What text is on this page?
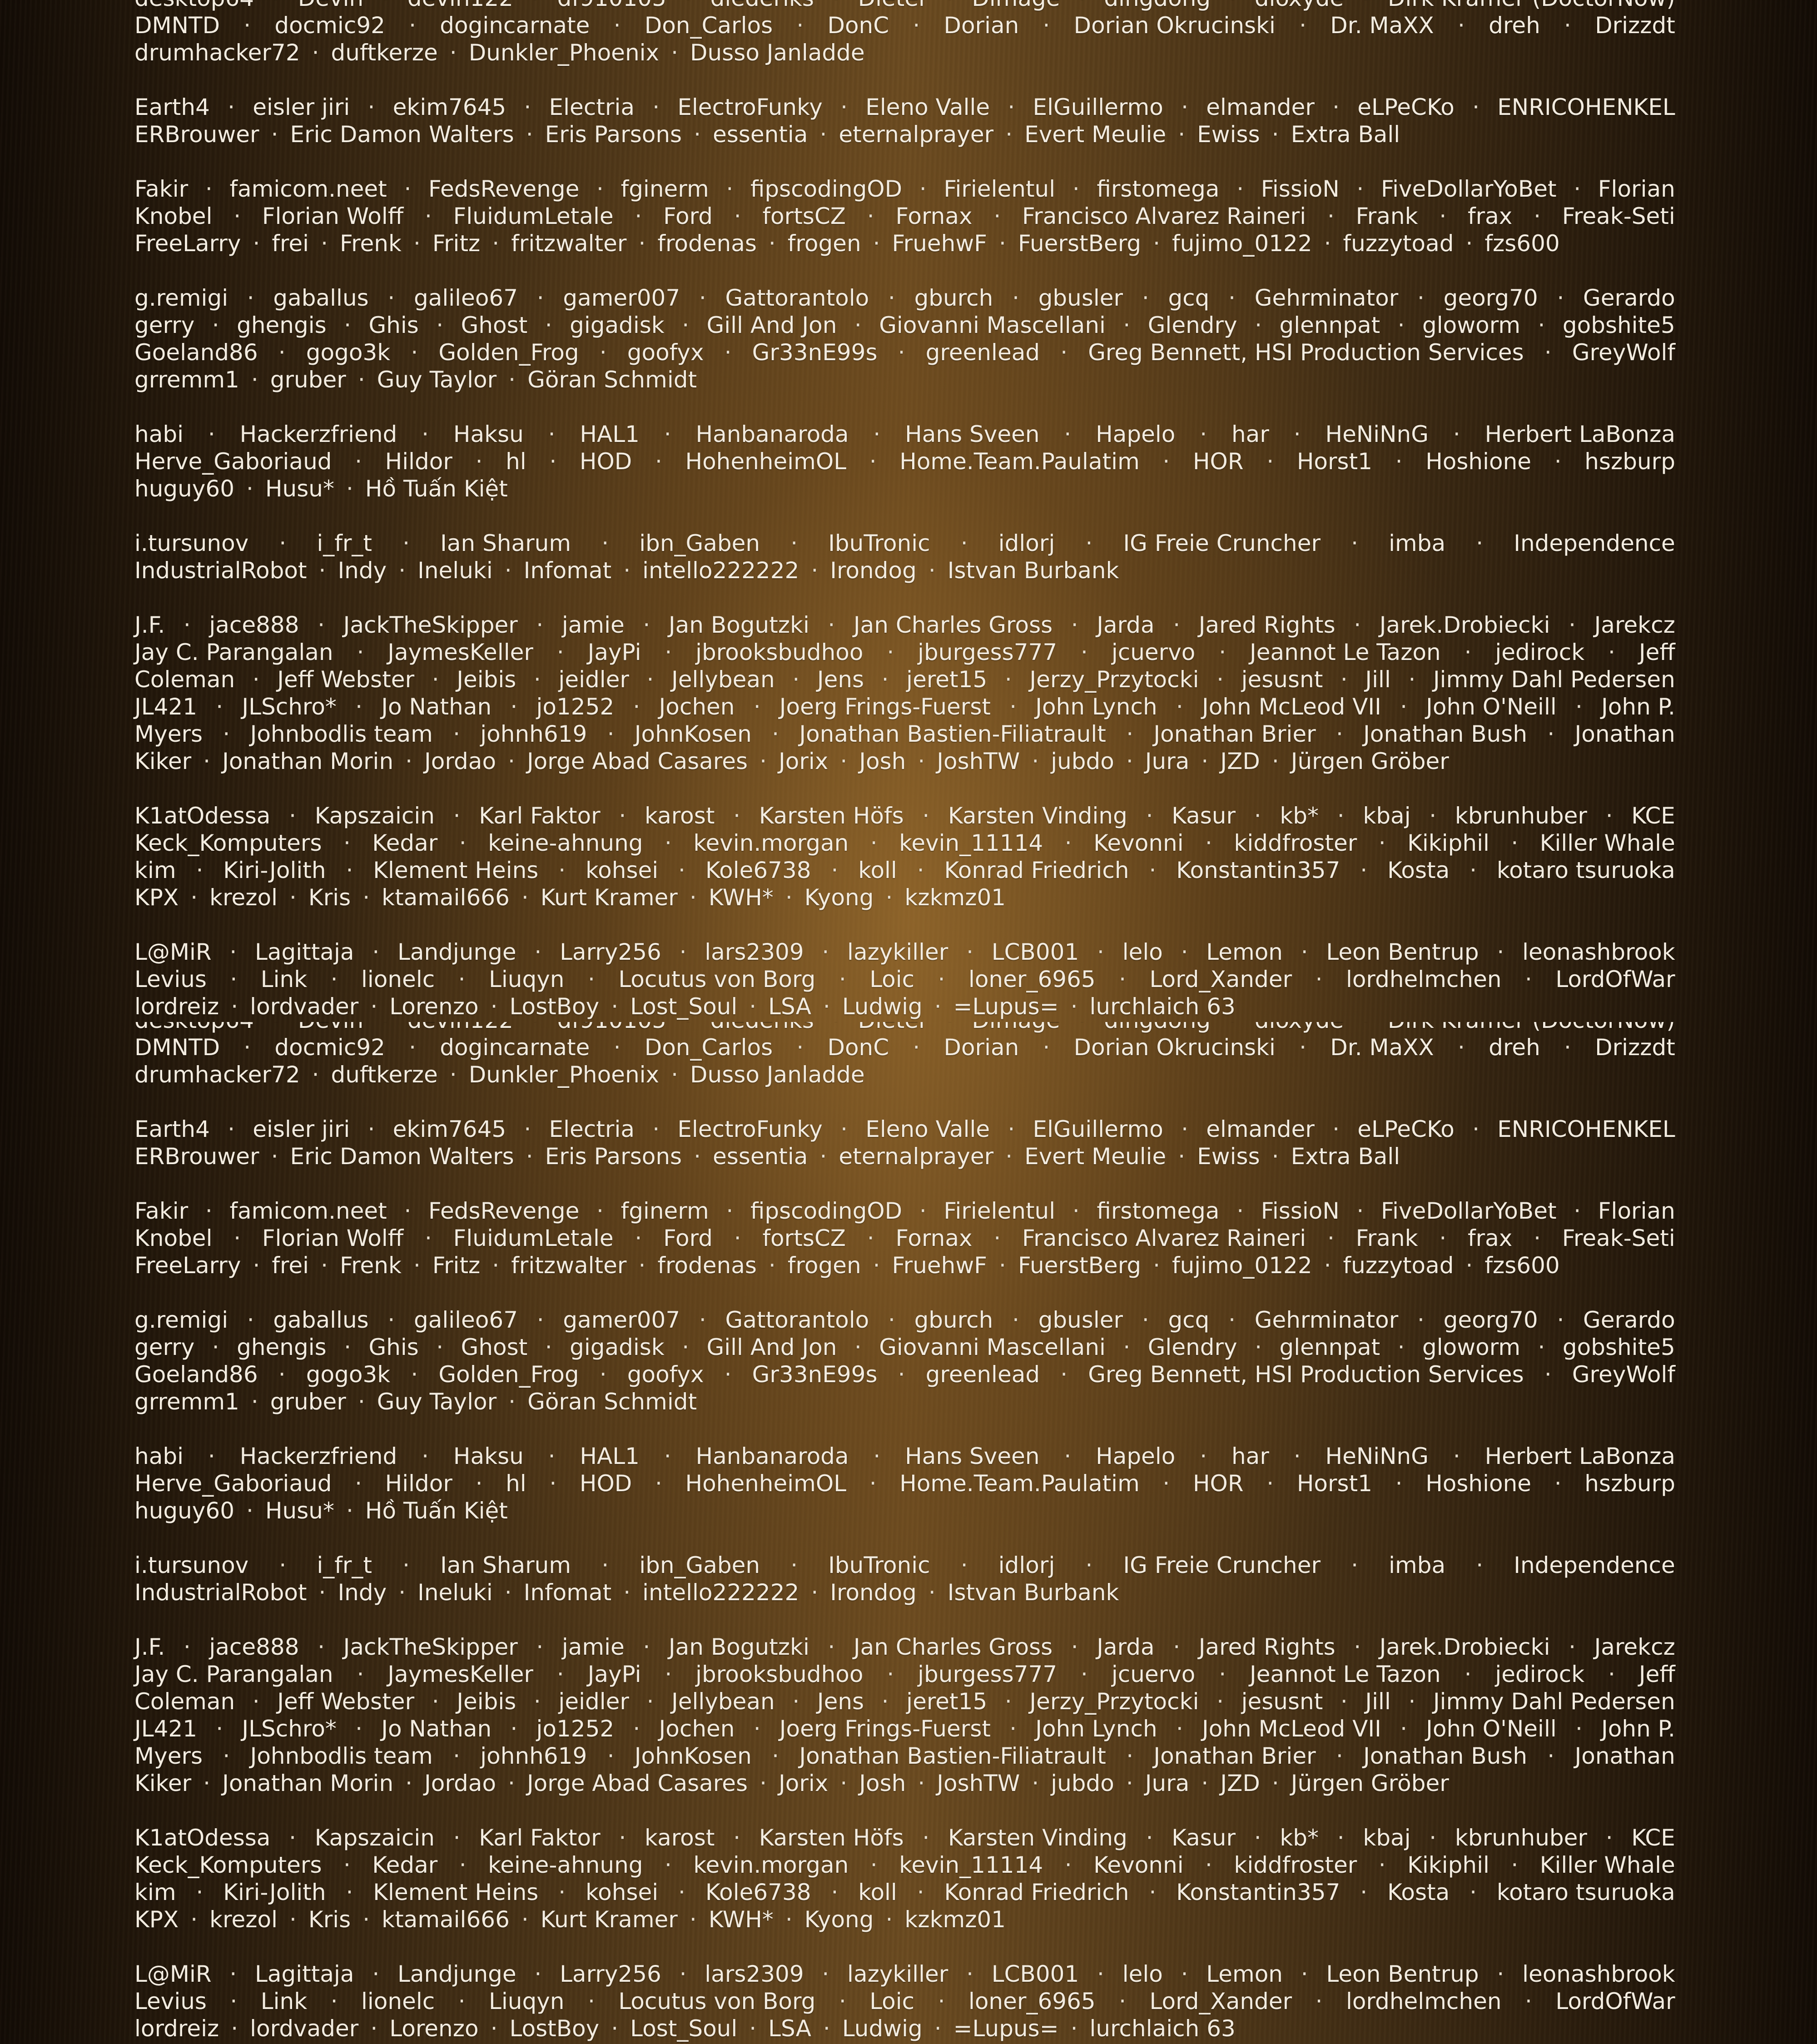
DMNTD · docmic92 · dogincarnate · Don_Carlos · DonC · Dorian · Dorian Okrucinski · Dr. MaXX · dreh · Drizzdt
drumhacker72 · duftkerze · Dunkler_Phoenix · Dusso Janladde
Earth4 · eisler jiri · ekim7645 · Electria · ElectroFunky · Eleno Valle · ElGuillermo · elmander · eLPeCKo · ENRICOHENKEL
ERBrouwer · Eric Damon Walters · Eris Parsons · essentia · eternalprayer · Evert Meulie · Ewiss · Extra Ball
Fakir · famicom.neet · FedsRevenge · fginerm · fipscodingOD · Firielentul · firstomega · FissioN · FiveDollarYoBet · Florian
Knobel · Florian Wolff · FluidumLetale · Ford · fortsCZ · Fornax · Francisco Alvarez Raineri · Frank · frax · Freak-Seti
FreeLarry · frei · Frenk · Fritz · fritzwalter · frodenas · frogen · FruehwF · FuerstBerg · fujimo_0122 · fuzzytoad · fzs600
g.remigi · gaballus · galileo67 · gamer007 · Gattorantolo · gburch · gbusler · gcq · Gehrminator · georg70 · Gerardo
gerry · ghengis · Ghis · Ghost · gigadisk · Gill And Jon · Giovanni Mascellani · Glendry · glennpat · gloworm · gobshite5
Goeland86 · gogo3k · Golden_Frog · goofyx · Gr33nE99s · greenlead · Greg Bennett, HSI Production Services · GreyWolf
grremm1 · gruber · Guy Taylor · Göran Schmidt
habi · Hackerzfriend · Haksu · HAL1 · Hanbanaroda · Hans Sveen · Hapelo · har · HeNiNnG · Herbert LaBonza
Herve_Gaboriaud · Hildor · hl · HOD · HohenheimOL · Home.Team.Paulatim · HOR · Horst1 · Hoshione · hszburp
huguy60 · Husu* · Hồ Tuấn Kiệt
i.tursunov · i_fr_t · Ian Sharum · ibn_Gaben · IbuTronic · idlorj · IG Freie Cruncher · imba · Independence
IndustrialRobot · Indy · Ineluki · Infomat · intello222222 · Irondog · Istvan Burbank
J.F. · jace888 · JackTheSkipper · jamie · Jan Bogutzki · Jan Charles Gross · Jarda · Jared Rights · Jarek.Drobiecki · Jarekcz
Jay C. Parangalan · JaymesKeller · JayPi · jbrooksbudhoo · jburgess777 · jcuervo · Jeannot Le Tazon · jedirock · Jeff
Coleman · Jeff Webster · Jeibis · jeidler · Jellybean · Jens · jeret15 · Jerzy_Przytocki · jesusnt · Jill · Jimmy Dahl Pedersen
JL421 · JLSchro* · Jo Nathan · jo1252 · Jochen · Joerg Frings-Fuerst · John Lynch · John McLeod VII · John O'Neill · John P.
Myers · Johnbodlis team · johnh619 · JohnKosen · Jonathan Bastien-Filiatrault · Jonathan Brier · Jonathan Bush · Jonathan
Kiker · Jonathan Morin · Jordao · Jorge Abad Casares · Jorix · Josh · JoshTW · jubdo · Jura · JZD · Jürgen Gröber
K1atOdessa · Kapszaicin · Karl Faktor · karost · Karsten Höfs · Karsten Vinding · Kasur · kb* · kbaj · kbrunhuber · KCE
Keck_Komputers · Kedar · keine-ahnung · kevin.morgan · kevin_11114 · Kevonni · kiddfroster · Kikiphil · Killer Whale
kim · Kiri-Jolith · Klement Heins · kohsei · Kole6738 · koll · Konrad Friedrich · Konstantin357 · Kosta · kotaro tsuruoka
KPX · krezol · Kris · ktamail666 · Kurt Kramer · KWH* · Kyong · kzkmz01
L@MiR · Lagittaja · Landjunge · Larry256 · lars2309 · lazykiller · LCB001 · lelo · Lemon · Leon Bentrup · leonashbrook
Levius · Link · lionelc · Liuqyn · Locutus von Borg · Loic · loner_6965 · Lord_Xander · lordhelmchen · LordOfWar
lordreiz · lordvader · Lorenzo · LostBoy · Lost_Soul · LSA · Ludwig · =Lupus= · lurchlaich 63
DMNTD · docmic92 · dogincarnate · Don_Carlos · DonC · Dorian · Dorian Okrucinski · Dr. MaXX · dreh · Drizzdt
drumhacker72 · duftkerze · Dunkler_Phoenix · Dusso Janladde
Earth4 · eisler jiri · ekim7645 · Electria · ElectroFunky · Eleno Valle · ElGuillermo · elmander · eLPeCKo · ENRICOHENKEL
ERBrouwer · Eric Damon Walters · Eris Parsons · essentia · eternalprayer · Evert Meulie · Ewiss · Extra Ball
Fakir · famicom.neet · FedsRevenge · fginerm · fipscodingOD · Firielentul · firstomega · FissioN · FiveDollarYoBet · Florian
Knobel · Florian Wolff · FluidumLetale · Ford · fortsCZ · Fornax · Francisco Alvarez Raineri · Frank · frax · Freak-Seti
FreeLarry · frei · Frenk · Fritz · fritzwalter · frodenas · frogen · FruehwF · FuerstBerg · fujimo_0122 · fuzzytoad · fzs600
g.remigi · gaballus · galileo67 · gamer007 · Gattorantolo · gburch · gbusler · gcq · Gehrminator · georg70 · Gerardo
gerry · ghengis · Ghis · Ghost · gigadisk · Gill And Jon · Giovanni Mascellani · Glendry · glennpat · gloworm · gobshite5
Goeland86 · gogo3k · Golden_Frog · goofyx · Gr33nE99s · greenlead · Greg Bennett, HSI Production Services · GreyWolf
grremm1 · gruber · Guy Taylor · Göran Schmidt
habi · Hackerzfriend · Haksu · HAL1 · Hanbanaroda · Hans Sveen · Hapelo · har · HeNiNnG · Herbert LaBonza
Herve_Gaboriaud · Hildor · hl · HOD · HohenheimOL · Home.Team.Paulatim · HOR · Horst1 · Hoshione · hszburp
huguy60 · Husu* · Hồ Tuấn Kiệt
i.tursunov · i_fr_t · Ian Sharum · ibn_Gaben · IbuTronic · idlorj · IG Freie Cruncher · imba · Independence
IndustrialRobot · Indy · Ineluki · Infomat · intello222222 · Irondog · Istvan Burbank
J.F. · jace888 · JackTheSkipper · jamie · Jan Bogutzki · Jan Charles Gross · Jarda · Jared Rights · Jarek.Drobiecki · Jarekcz
Jay C. Parangalan · JaymesKeller · JayPi · jbrooksbudhoo · jburgess777 · jcuervo · Jeannot Le Tazon · jedirock · Jeff
Coleman · Jeff Webster · Jeibis · jeidler · Jellybean · Jens · jeret15 · Jerzy_Przytocki · jesusnt · Jill · Jimmy Dahl Pedersen
JL421 · JLSchro* · Jo Nathan · jo1252 · Jochen · Joerg Frings-Fuerst · John Lynch · John McLeod VII · John O'Neill · John P.
Myers · Johnbodlis team · johnh619 · JohnKosen · Jonathan Bastien-Filiatrault · Jonathan Brier · Jonathan Bush · Jonathan
Kiker · Jonathan Morin · Jordao · Jorge Abad Casares · Jorix · Josh · JoshTW · jubdo · Jura · JZD · Jürgen Gröber
K1atOdessa · Kapszaicin · Karl Faktor · karost · Karsten Höfs · Karsten Vinding · Kasur · kb* · kbaj · kbrunhuber · KCE
Keck_Komputers · Kedar · keine-ahnung · kevin.morgan · kevin_11114 · Kevonni · kiddfroster · Kikiphil · Killer Whale
kim · Kiri-Jolith · Klement Heins · kohsei · Kole6738 · koll · Konrad Friedrich · Konstantin357 · Kosta · kotaro tsuruoka
KPX · krezol · Kris · ktamail666 · Kurt Kramer · KWH* · Kyong · kzkmz01
L@MiR · Lagittaja · Landjunge · Larry256 · lars2309 · lazykiller · LCB001 · lelo · Lemon · Leon Bentrup · leonashbrook
Levius · Link · lionelc · Liuqyn · Locutus von Borg · Loic · loner_6965 · Lord_Xander · lordhelmchen · LordOfWar
lordreiz · lordvader · Lorenzo · LostBoy · Lost_Soul · LSA · Ludwig · =Lupus= · lurchlaich 63
